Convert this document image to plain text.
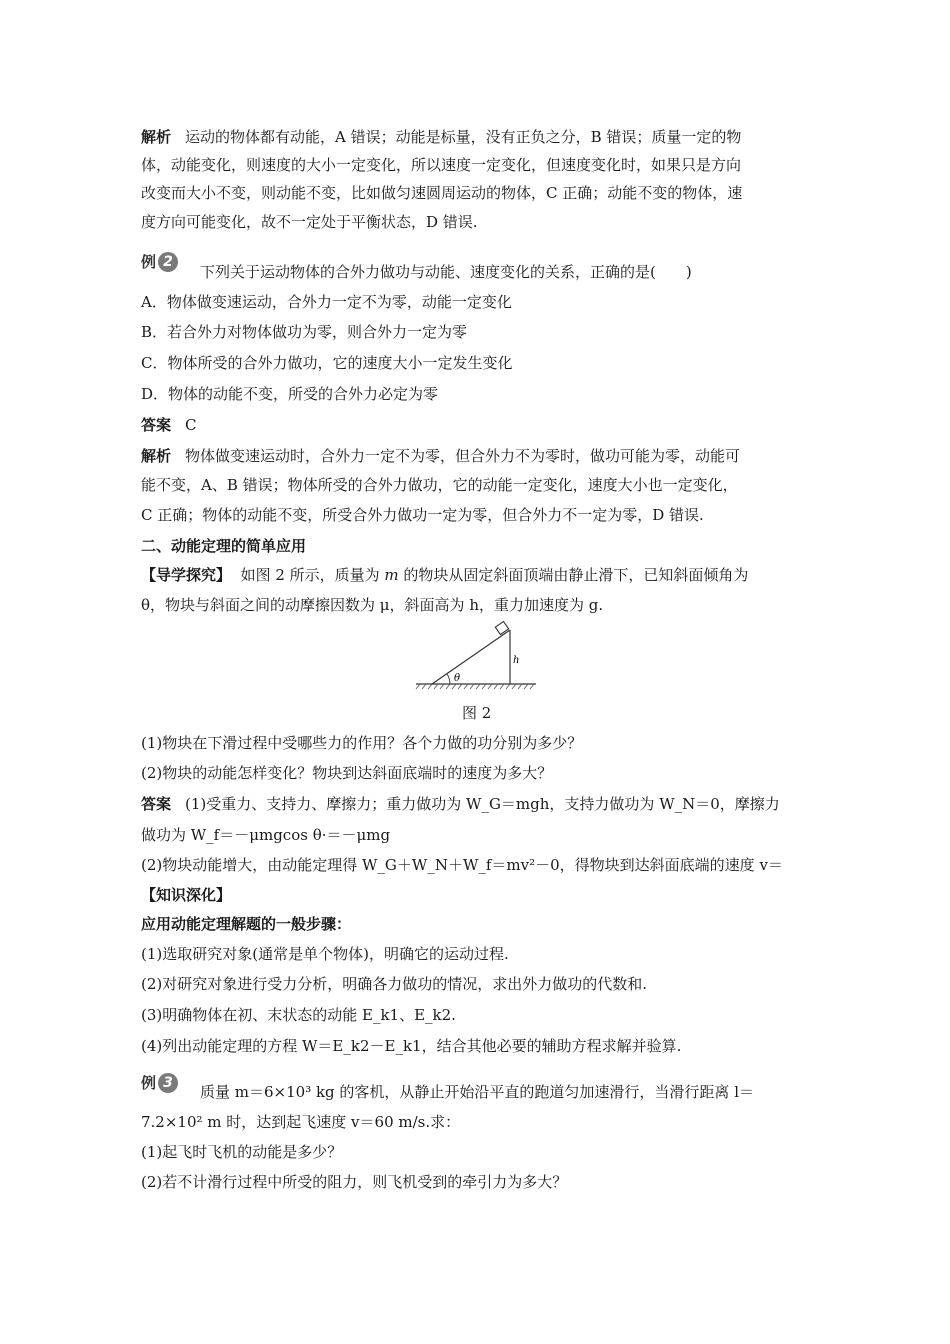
解析 运动的物体都有动能，A 错误；动能是标量，没有正负之分，B 错误；质量一定的物
体，动能变化，则速度的大小一定变化，所以速度一定变化，但速度变化时，如果只是方向
改变而大小不变，则动能不变，比如做匀速圆周运动的物体，C 正确；动能不变的物体，速
度方向可能变化，故不一定处于平衡状态，D 错误.
例 2
下列关于运动物体的合外力做功与动能、速度变化的关系，正确的是(　　)
A．物体做变速运动，合外力一定不为零，动能一定变化
B．若合外力对物体做功为零，则合外力一定为零
C．物体所受的合外力做功，它的速度大小一定发生变化
D．物体的动能不变，所受的合外力必定为零
答案 C
解析 物体做变速运动时，合外力一定不为零，但合外力不为零时，做功可能为零，动能可
能不变，A、B 错误；物体所受的合外力做功，它的动能一定变化，速度大小也一定变化，
C 正确；物体的动能不变，所受合外力做功一定为零，但合外力不一定为零，D 错误.
二、动能定理的简单应用
【导学探究】 如图 2 所示，质量为 m 的物块从固定斜面顶端由静止滑下，已知斜面倾角为
θ，物块与斜面之间的动摩擦因数为 μ，斜面高为 h，重力加速度为 g.
θ
h
图 2
(1)物块在下滑过程中受哪些力的作用？各个力做的功分别为多少？
(2)物块的动能怎样变化？物块到达斜面底端时的速度为多大？
答案 (1)受重力、支持力、摩擦力；重力做功为 W_G＝mgh，支持力做功为 W_N＝0，摩擦力
做功为 W_f＝－μmgcos θ·＝－μmg
(2)物块动能增大，由动能定理得 W_G＋W_N＋W_f＝mv²－0，得物块到达斜面底端的速度 v＝
【知识深化】
应用动能定理解题的一般步骤：
(1)选取研究对象(通常是单个物体)，明确它的运动过程.
(2)对研究对象进行受力分析，明确各力做功的情况，求出外力做功的代数和.
(3)明确物体在初、末状态的动能 E_k1、E_k2.
(4)列出动能定理的方程 W＝E_k2－E_k1，结合其他必要的辅助方程求解并验算.
例 3
质量 m＝6×10³ kg 的客机，从静止开始沿平直的跑道匀加速滑行，当滑行距离 l＝
7.2×10² m 时，达到起飞速度 v＝60 m/s.求：
(1)起飞时飞机的动能是多少？
(2)若不计滑行过程中所受的阻力，则飞机受到的牵引力为多大？
